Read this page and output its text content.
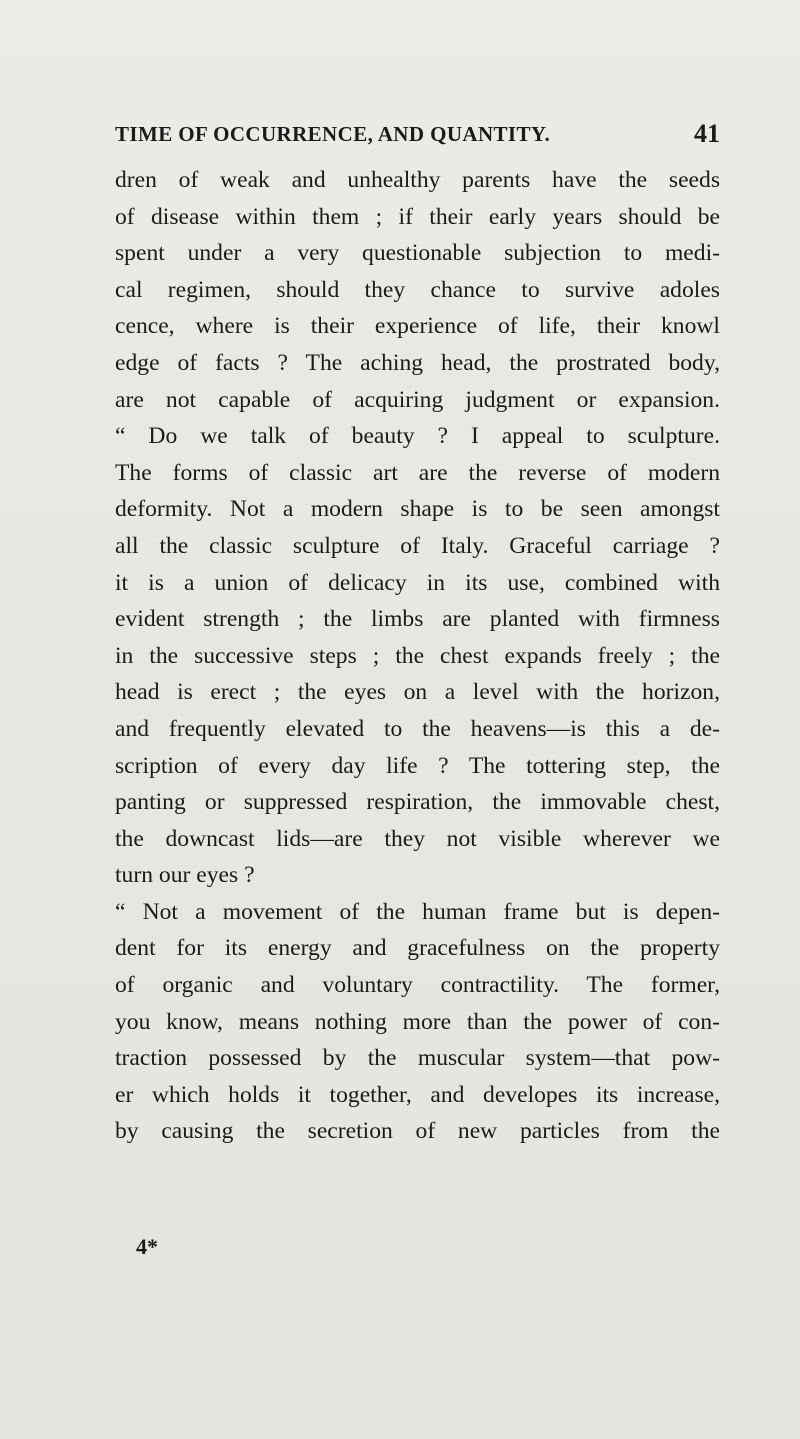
TIME OF OCCURRENCE, AND QUANTITY.	41
dren of weak and unhealthy parents have the seeds
of disease within them ; if their early years should be
spent under a very questionable subjection to medi-
cal regimen, should they chance to survive adoles
cence, where is their experience of life, their knowl
edge of facts ? The aching head, the prostrated body,
are not capable of acquiring judgment or expansion.
“ Do we talk of beauty ? I appeal to sculpture.
The forms of classic art are the reverse of modern
deformity. Not a modern shape is to be seen amongst
all the classic sculpture of Italy. Graceful carriage ?
it is a union of delicacy in its use, combined with
evident strength ; the limbs are planted with firmness
in the successive steps ; the chest expands freely ; the
head is erect ; the eyes on a level with the horizon,
and frequently elevated to the heavens—is this a de-
scription of every day life ? The tottering step, the
panting or suppressed respiration, the immovable chest,
the downcast lids—are they not visible wherever we
turn our eyes ?
“ Not a movement of the human frame but is depen-
dent for its energy and gracefulness on the property
of organic and voluntary contractility. The former,
you know, means nothing more than the power of con-
traction possessed by the muscular system—that pow-
er which holds it together, and developes its increase,
by causing the secretion of new particles from the
4*
